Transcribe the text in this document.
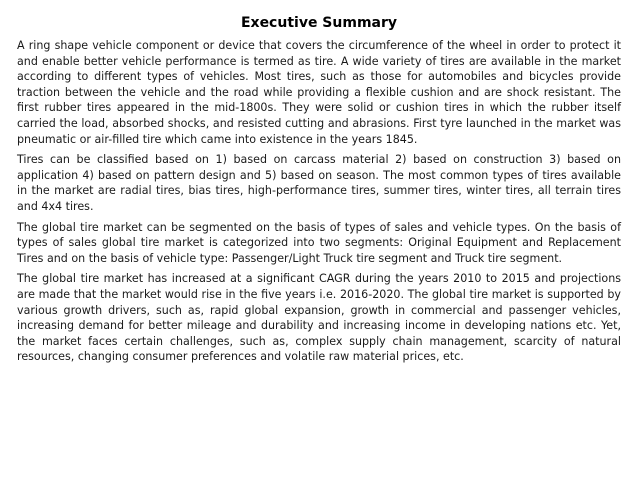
Executive Summary

A ring shape vehicle component or device that covers the circumference of the wheel in order to protect it and enable better vehicle performance is termed as tire. A wide variety of tires are available in the market according to different types of vehicles. Most tires, such as those for automobiles and bicycles provide traction between the vehicle and the road while providing a flexible cushion and are shock resistant. The first rubber tires appeared in the mid-1800s. They were solid or cushion tires in which the rubber itself carried the load, absorbed shocks, and resisted cutting and abrasions. First tyre launched in the market was pneumatic or air-filled tire which came into existence in the years 1845.

Tires can be classified based on 1) based on carcass material 2) based on construction 3) based on application 4) based on pattern design and 5) based on season. The most common types of tires available in the market are radial tires, bias tires, high-performance tires, summer tires, winter tires, all terrain tires and 4x4 tires.

The global tire market can be segmented on the basis of types of sales and vehicle types. On the basis of types of sales global tire market is categorized into two segments: Original Equipment and Replacement Tires and on the basis of vehicle type: Passenger/Light Truck tire segment and Truck tire segment.

The global tire market has increased at a significant CAGR during the years 2010 to 2015 and projections are made that the market would rise in the five years i.e. 2016-2020. The global tire market is supported by various growth drivers, such as, rapid global expansion, growth in commercial and passenger vehicles, increasing demand for better mileage and durability and increasing income in developing nations etc. Yet, the market faces certain challenges, such as, complex supply chain management, scarcity of natural resources, changing consumer preferences and volatile raw material prices, etc.
